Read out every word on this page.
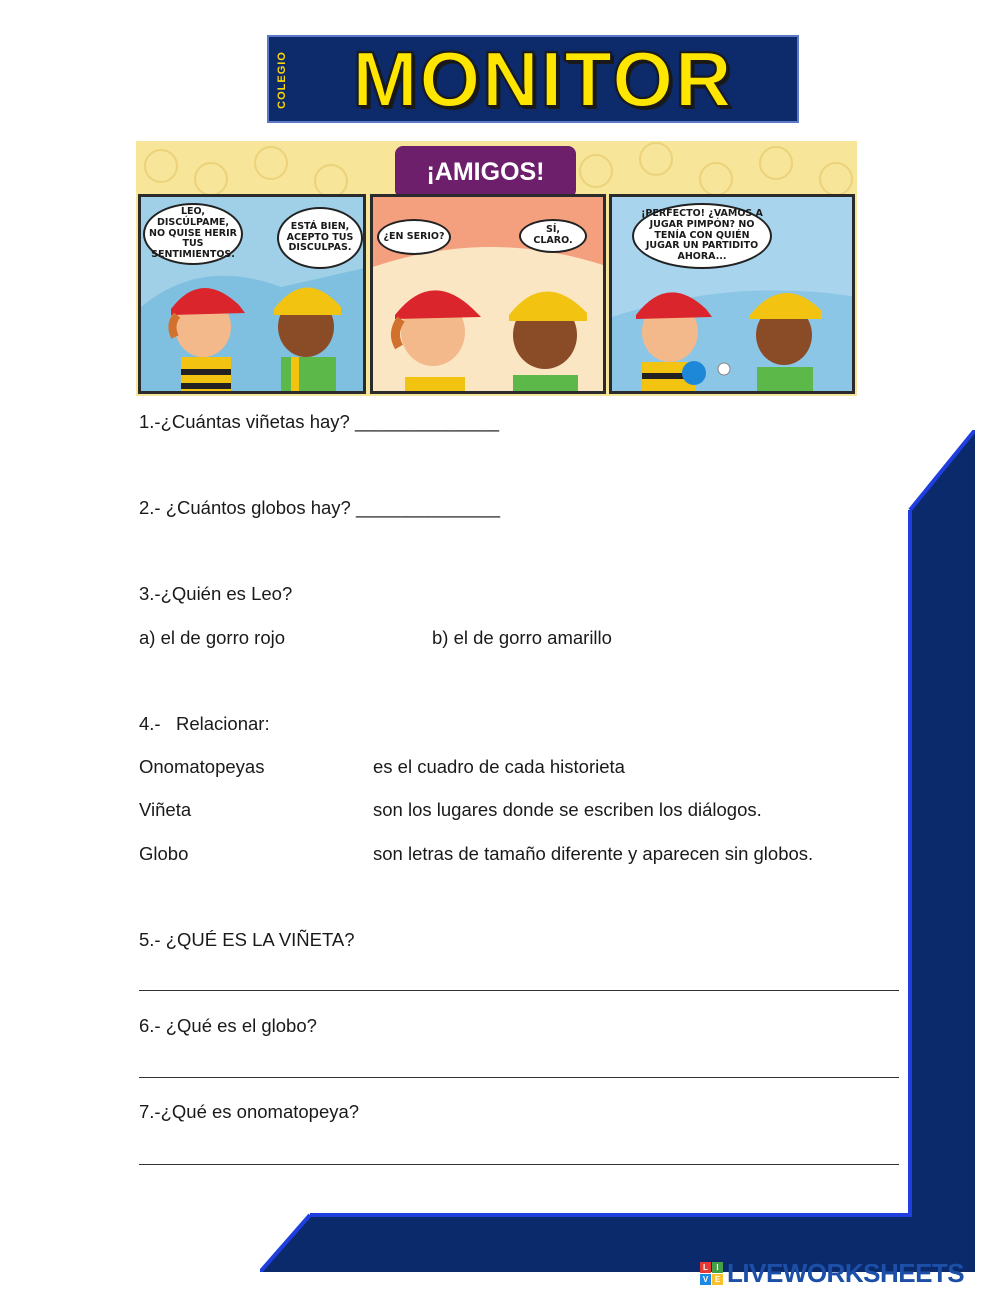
COLEGIO MONITOR
¡AMIGOS!
LEO, DISCÚLPAME, NO QUISE HERIR TUS SENTIMIENTOS.
ESTÁ BIEN, ACEPTO TUS DISCULPAS.
¿EN SERIO?
SÍ, CLARO.
¡PERFECTO! ¿VAMOS A JUGAR PIMPÓN? NO TENÍA CON QUIÉN JUGAR UN PARTIDITO AHORA...
1.-¿Cuántas viñetas hay? ______________
2.- ¿Cuántos globos hay? ______________
3.-¿Quién es Leo?
a) el de gorro rojo	b) el de gorro amarillo
4.-   Relacionar:
Onomatopeyas	es el cuadro de cada historieta
Viñeta	son los lugares donde se escriben los diálogos.
Globo	son letras de tamaño diferente y aparecen sin globos.
5.- ¿QUÉ ES LA VIÑETA?
6.- ¿Qué es el globo?
7.-¿Qué es onomatopeya?
L	I
V E LIVEWORKSHEETS
